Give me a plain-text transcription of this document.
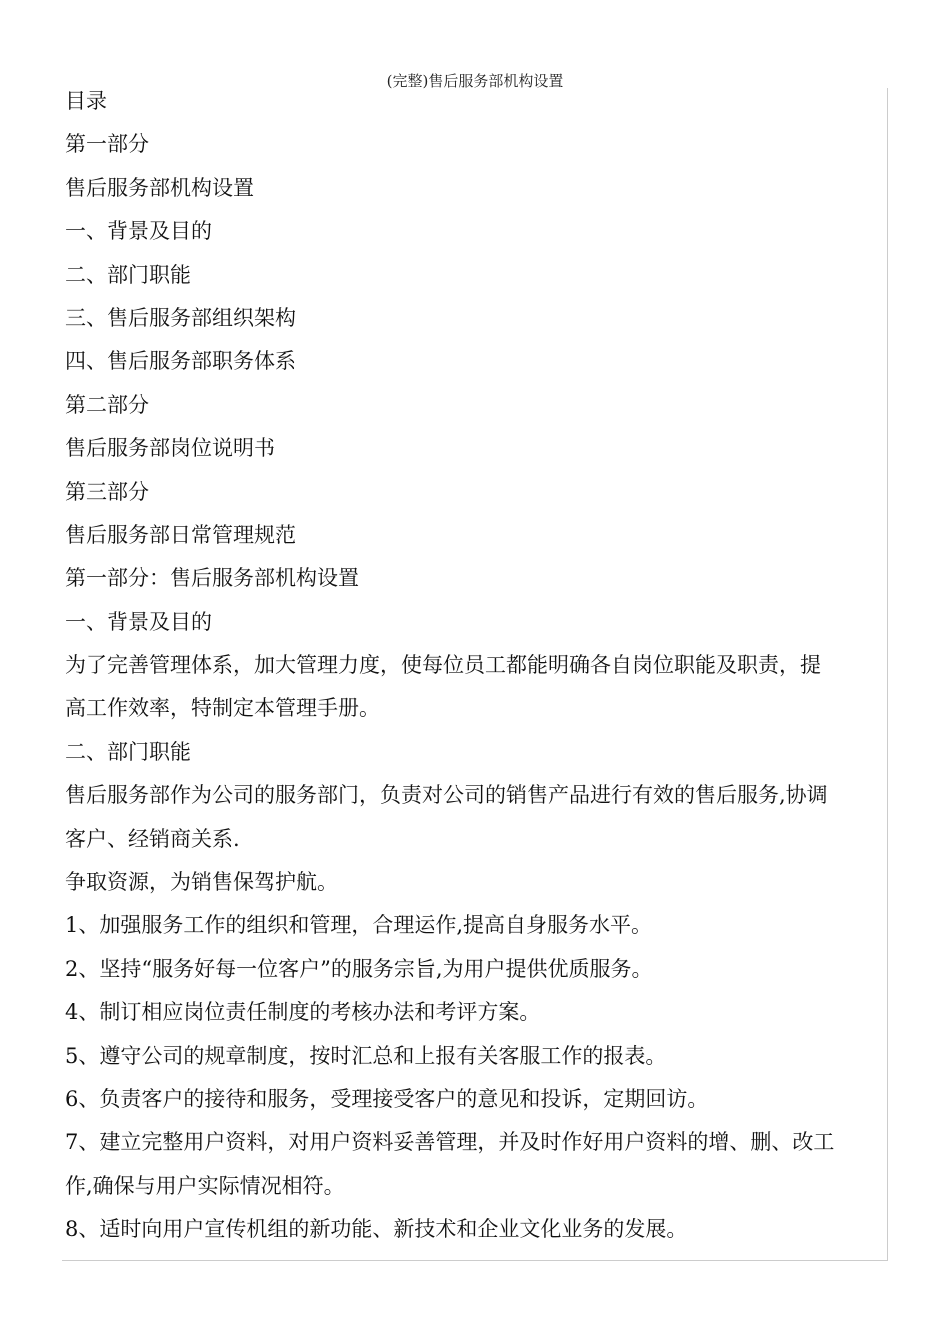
(完整)售后服务部机构设置
目录
第一部分
售后服务部机构设置
一、背景及目的
二、部门职能
三、售后服务部组织架构
四、售后服务部职务体系
第二部分
售后服务部岗位说明书
第三部分
售后服务部日常管理规范
第一部分：售后服务部机构设置
一、背景及目的
为了完善管理体系，加大管理力度，使每位员工都能明确各自岗位职能及职责，提
高工作效率，特制定本管理手册。
二、部门职能
售后服务部作为公司的服务部门，负责对公司的销售产品进行有效的售后服务,协调
客户、经销商关系.
争取资源，为销售保驾护航。
1、加强服务工作的组织和管理，合理运作,提高自身服务水平。
2、坚持“服务好每一位客户”的服务宗旨,为用户提供优质服务。
4、制订相应岗位责任制度的考核办法和考评方案。
5、遵守公司的规章制度，按时汇总和上报有关客服工作的报表。
6、负责客户的接待和服务，受理接受客户的意见和投诉，定期回访。
7、建立完整用户资料，对用户资料妥善管理，并及时作好用户资料的增、删、改工
作,确保与用户实际情况相符。
8、适时向用户宣传机组的新功能、新技术和企业文化业务的发展。
